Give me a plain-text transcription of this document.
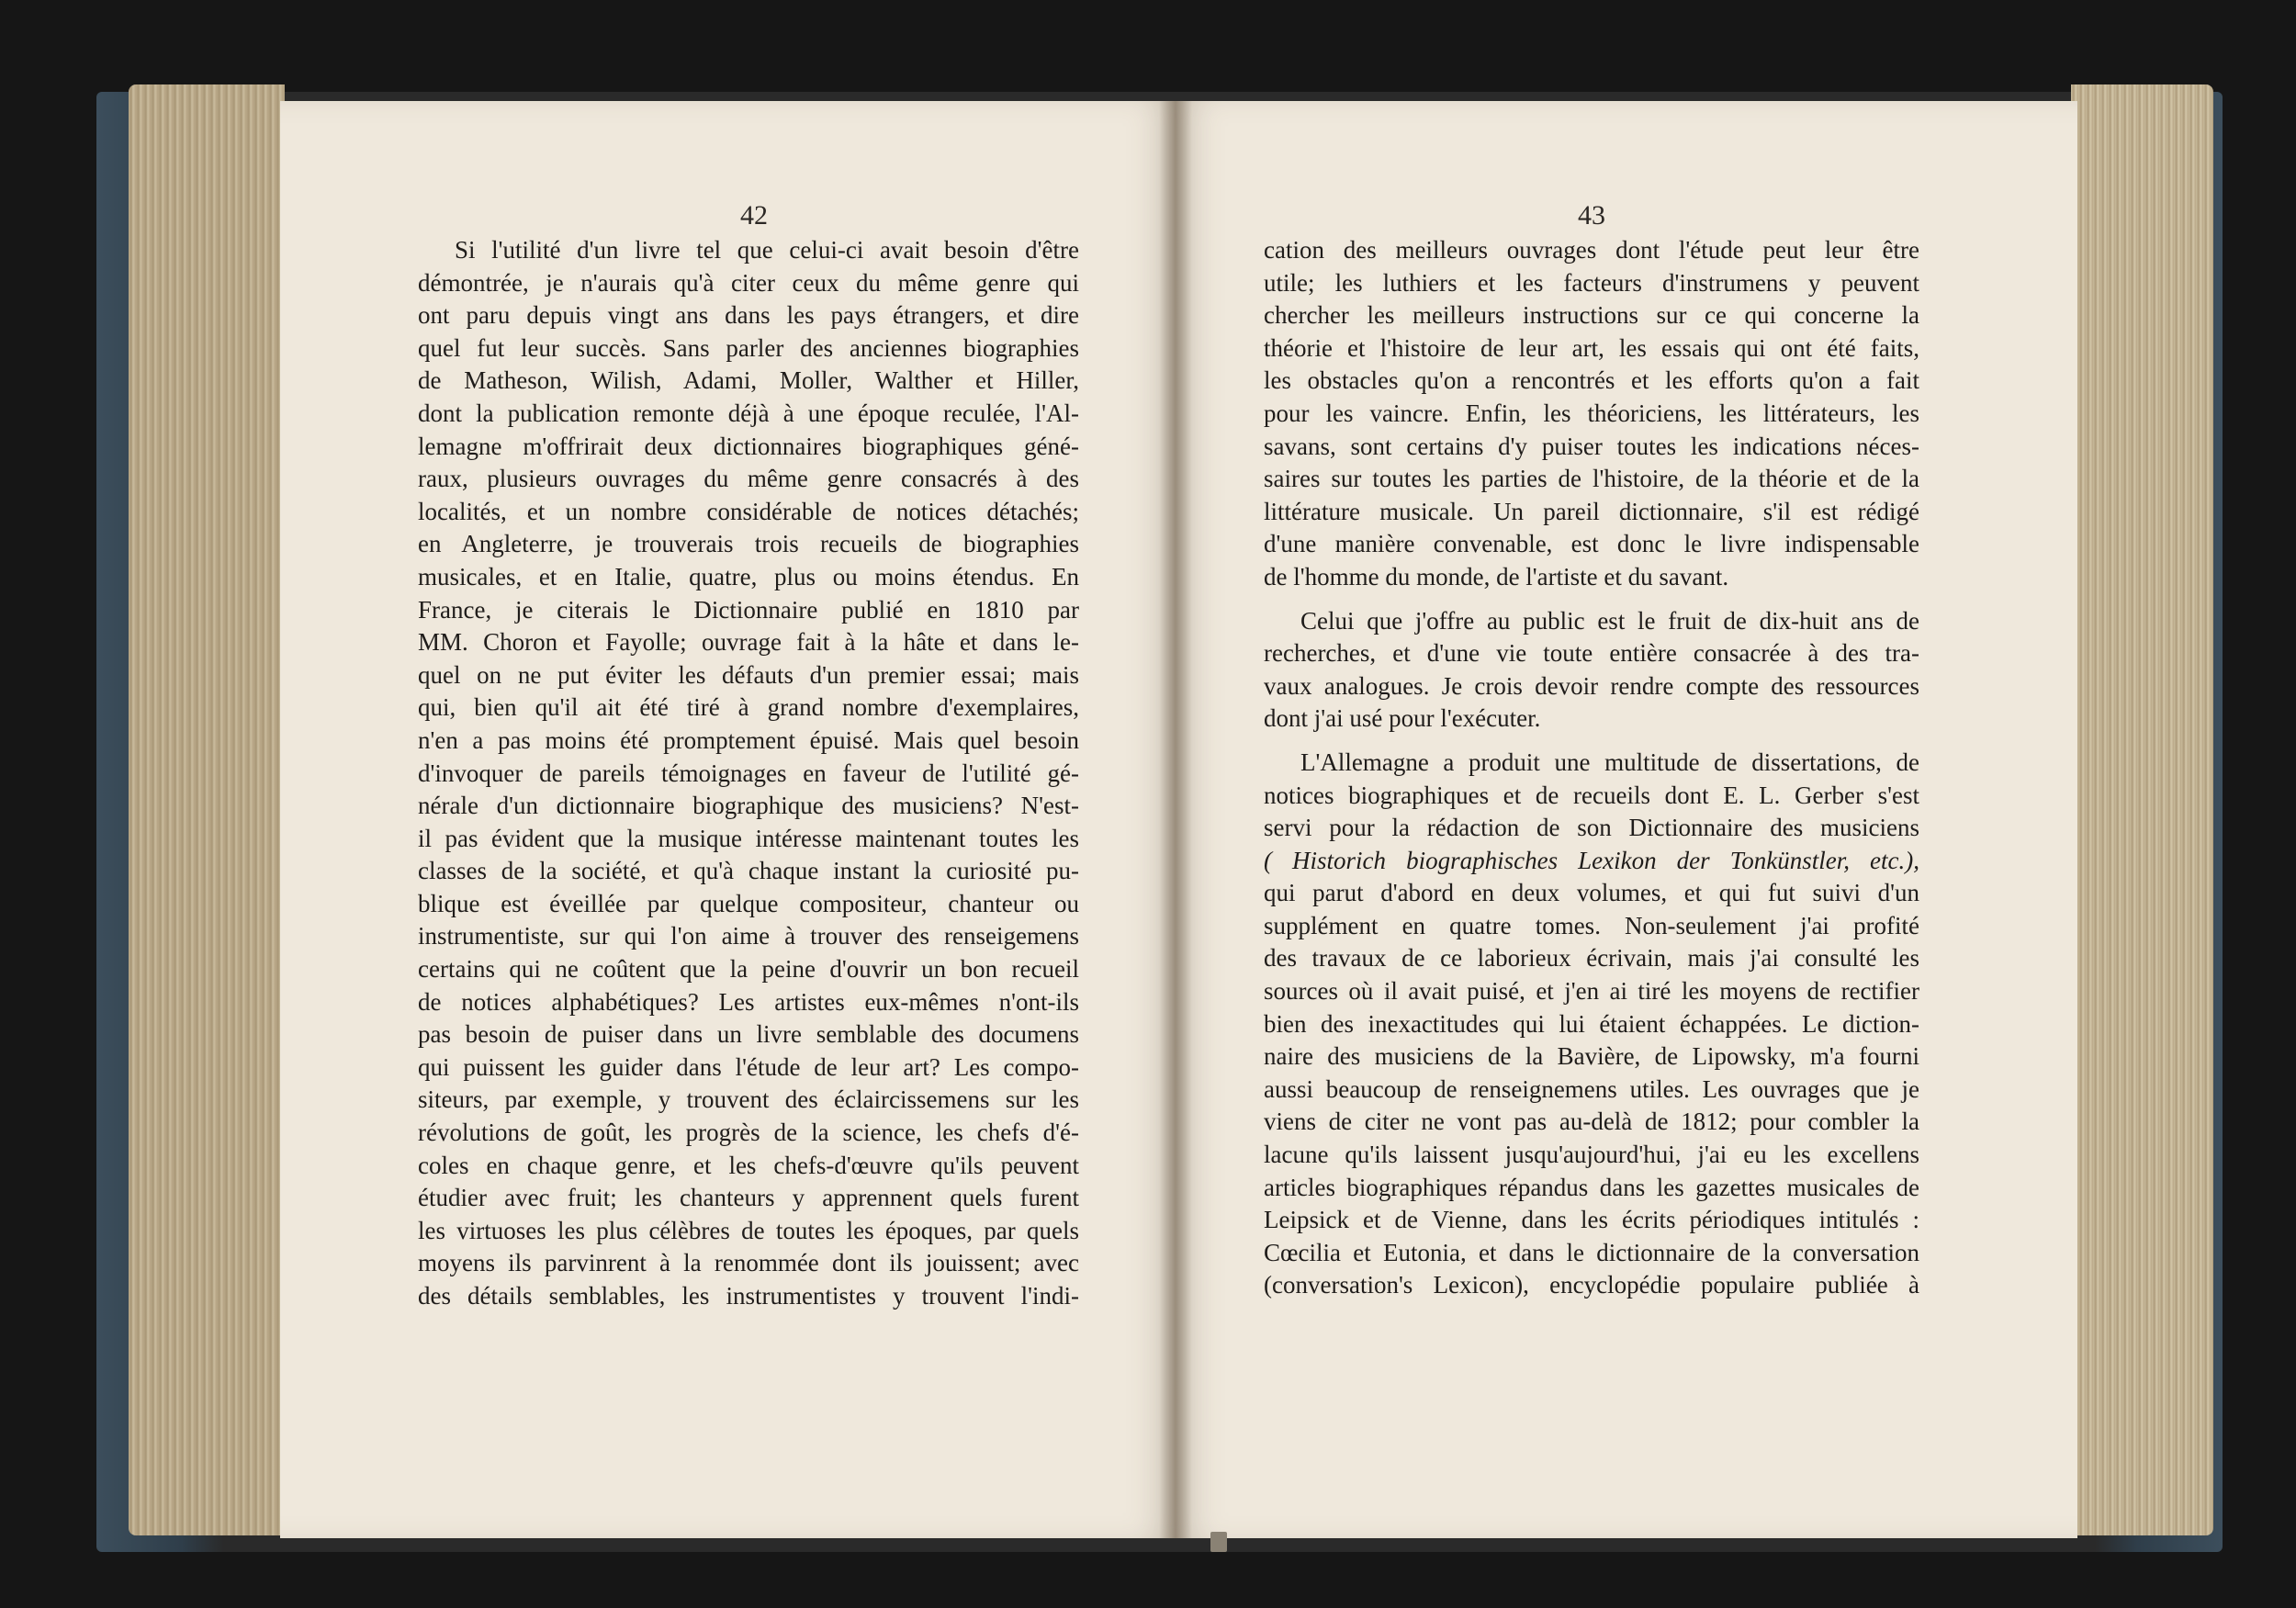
42	43
Si l'utilité d'un livre tel que celui-ci avait besoin d'être
démontrée, je n'aurais qu'à citer ceux du même genre qui
ont paru depuis vingt ans dans les pays étrangers, et dire
quel fut leur succès. Sans parler des anciennes biographies
de Matheson, Wilish, Adami, Moller, Walther et Hiller,
dont la publication remonte déjà à une époque reculée, l'Al-
lemagne m'offrirait deux dictionnaires biographiques géné-
raux, plusieurs ouvrages du même genre consacrés à des
localités, et un nombre considérable de notices détachés;
en Angleterre, je trouverais trois recueils de biographies
musicales, et en Italie, quatre, plus ou moins étendus. En
France, je citerais le Dictionnaire publié en 1810 par
MM. Choron et Fayolle; ouvrage fait à la hâte et dans le-
quel on ne put éviter les défauts d'un premier essai; mais
qui, bien qu'il ait été tiré à grand nombre d'exemplaires,
n'en a pas moins été promptement épuisé. Mais quel besoin
d'invoquer de pareils témoignages en faveur de l'utilité gé-
nérale d'un dictionnaire biographique des musiciens? N'est-
il pas évident que la musique intéresse maintenant toutes les
classes de la société, et qu'à chaque instant la curiosité pu-
blique est éveillée par quelque compositeur, chanteur ou
instrumentiste, sur qui l'on aime à trouver des renseigemens
certains qui ne coûtent que la peine d'ouvrir un bon recueil
de notices alphabétiques? Les artistes eux-mêmes n'ont-ils
pas besoin de puiser dans un livre semblable des documens
qui puissent les guider dans l'étude de leur art? Les compo-
siteurs, par exemple, y trouvent des éclaircissemens sur les
révolutions de goût, les progrès de la science, les chefs d'é-
coles en chaque genre, et les chefs-d'œuvre qu'ils peuvent
étudier avec fruit; les chanteurs y apprennent quels furent
les virtuoses les plus célèbres de toutes les époques, par quels
moyens ils parvinrent à la renommée dont ils jouissent; avec
des détails semblables, les instrumentistes y trouvent l'indi-
cation des meilleurs ouvrages dont l'étude peut leur être
utile; les luthiers et les facteurs d'instrumens y peuvent
chercher les meilleurs instructions sur ce qui concerne la
théorie et l'histoire de leur art, les essais qui ont été faits,
les obstacles qu'on a rencontrés et les efforts qu'on a fait
pour les vaincre. Enfin, les théoriciens, les littérateurs, les
savans, sont certains d'y puiser toutes les indications néces-
saires sur toutes les parties de l'histoire, de la théorie et de la
littérature musicale. Un pareil dictionnaire, s'il est rédigé
d'une manière convenable, est donc le livre indispensable
de l'homme du monde, de l'artiste et du savant.
Celui que j'offre au public est le fruit de dix-huit ans de
recherches, et d'une vie toute entière consacrée à des tra-
vaux analogues. Je crois devoir rendre compte des ressources
dont j'ai usé pour l'exécuter.
L'Allemagne a produit une multitude de dissertations, de
notices biographiques et de recueils dont E. L. Gerber s'est
servi pour la rédaction de son Dictionnaire des musiciens
( Historich biographisches Lexikon der Tonkünstler, etc.),
qui parut d'abord en deux volumes, et qui fut suivi d'un
supplément en quatre tomes. Non-seulement j'ai profité
des travaux de ce laborieux écrivain, mais j'ai consulté les
sources où il avait puisé, et j'en ai tiré les moyens de rectifier
bien des inexactitudes qui lui étaient échappées. Le diction-
naire des musiciens de la Bavière, de Lipowsky, m'a fourni
aussi beaucoup de renseignemens utiles. Les ouvrages que je
viens de citer ne vont pas au-delà de 1812; pour combler la
lacune qu'ils laissent jusqu'aujourd'hui, j'ai eu les excellens
articles biographiques répandus dans les gazettes musicales de
Leipsick et de Vienne, dans les écrits périodiques intitulés :
Cœcilia et Eutonia, et dans le dictionnaire de la conversation
(conversation's Lexicon), encyclopédie populaire publiée à
